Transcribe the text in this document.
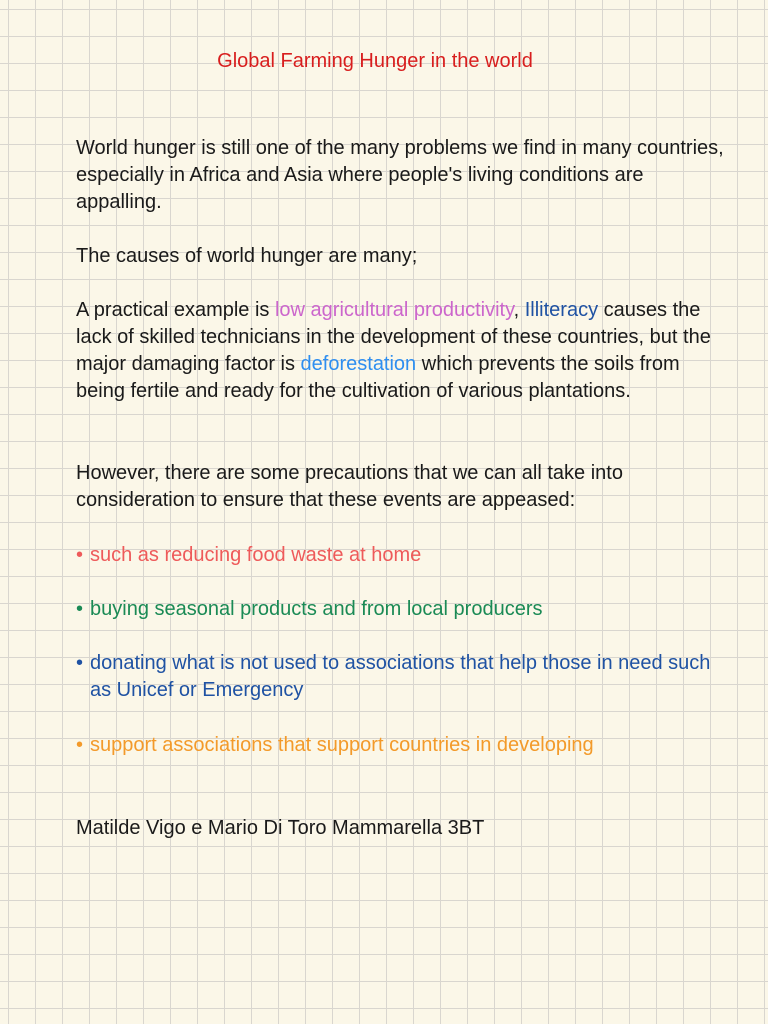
Global Farming Hunger in the world
World hunger is still one of the many problems we find in many countries, especially in Africa and Asia where people's living conditions are appalling.
The causes of world hunger are many;
A practical example is low agricultural productivity, Illiteracy causes the lack of skilled technicians in the development of these countries, but the major damaging factor is deforestation which prevents the soils from being fertile and ready for the cultivation of various plantations.
However, there are some precautions that we can all take into consideration to ensure that these events are appeased:
• such as reducing food waste at home
• buying seasonal products and from local producers
• donating what is not used to associations that help those in need such as Unicef or Emergency
• support associations that support countries in developing
Matilde Vigo e Mario Di Toro Mammarella 3BT
